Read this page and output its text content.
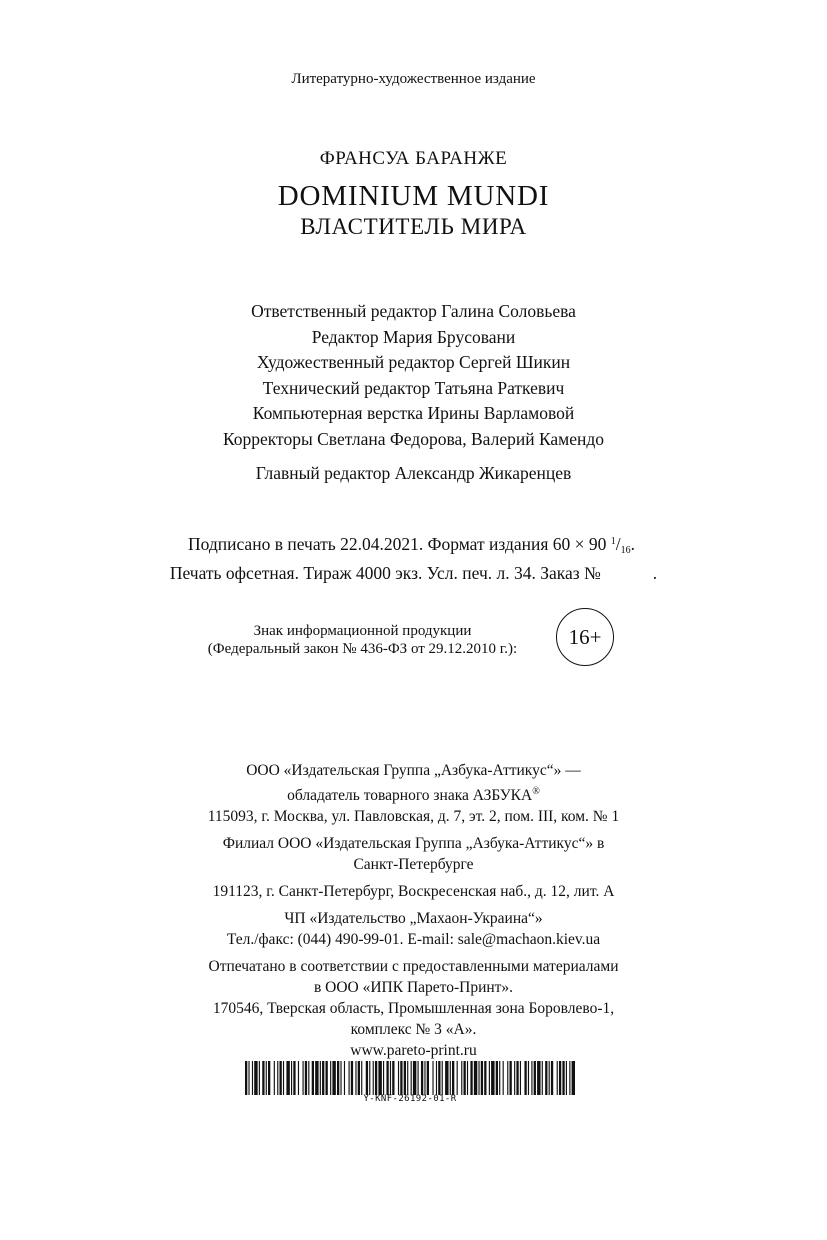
Литературно-художественное издание
ФРАНСУА БАРАНЖЕ
DOMINIUM MUNDI
ВЛАСТИТЕЛЬ МИРА
Ответственный редактор Галина Соловьева
Редактор Мария Брусовани
Художественный редактор Сергей Шикин
Технический редактор Татьяна Раткевич
Компьютерная верстка Ирины Варламовой
Корректоры Светлана Федорова, Валерий Камендо
Главный редактор Александр Жикаренцев
Подписано в печать 22.04.2021. Формат издания 60 × 90 $^1/_{16}$.
Печать офсетная. Тираж 4000 экз. Усл. печ. л. 34. Заказ №	.
Знак информационной продукции
(Федеральный закон № 436-ФЗ от 29.12.2010 г.):
16+
ООО «Издательская Группа „Азбука-Аттикус“» —
обладатель товарного знака АЗБУКА®
115093, г. Москва, ул. Павловская, д. 7, эт. 2, пом. III, ком. № 1
Филиал ООО «Издательская Группа „Азбука-Аттикус“» в
Санкт-Петербурге
191123, г. Санкт-Петербург, Воскресенская наб., д. 12, лит. А
ЧП «Издательство „Махаон-Украина“»
Тел./факс: (044) 490-99-01. E-mail: sale@machaon.kiev.ua
Отпечатано в соответствии с предоставленными материалами
в ООО «ИПК Парето-Принт».
170546, Тверская область, Промышленная зона Боровлево-1,
комплекс № 3 «А».
www.pareto-print.ru
Y-KNF-26192-01-R
